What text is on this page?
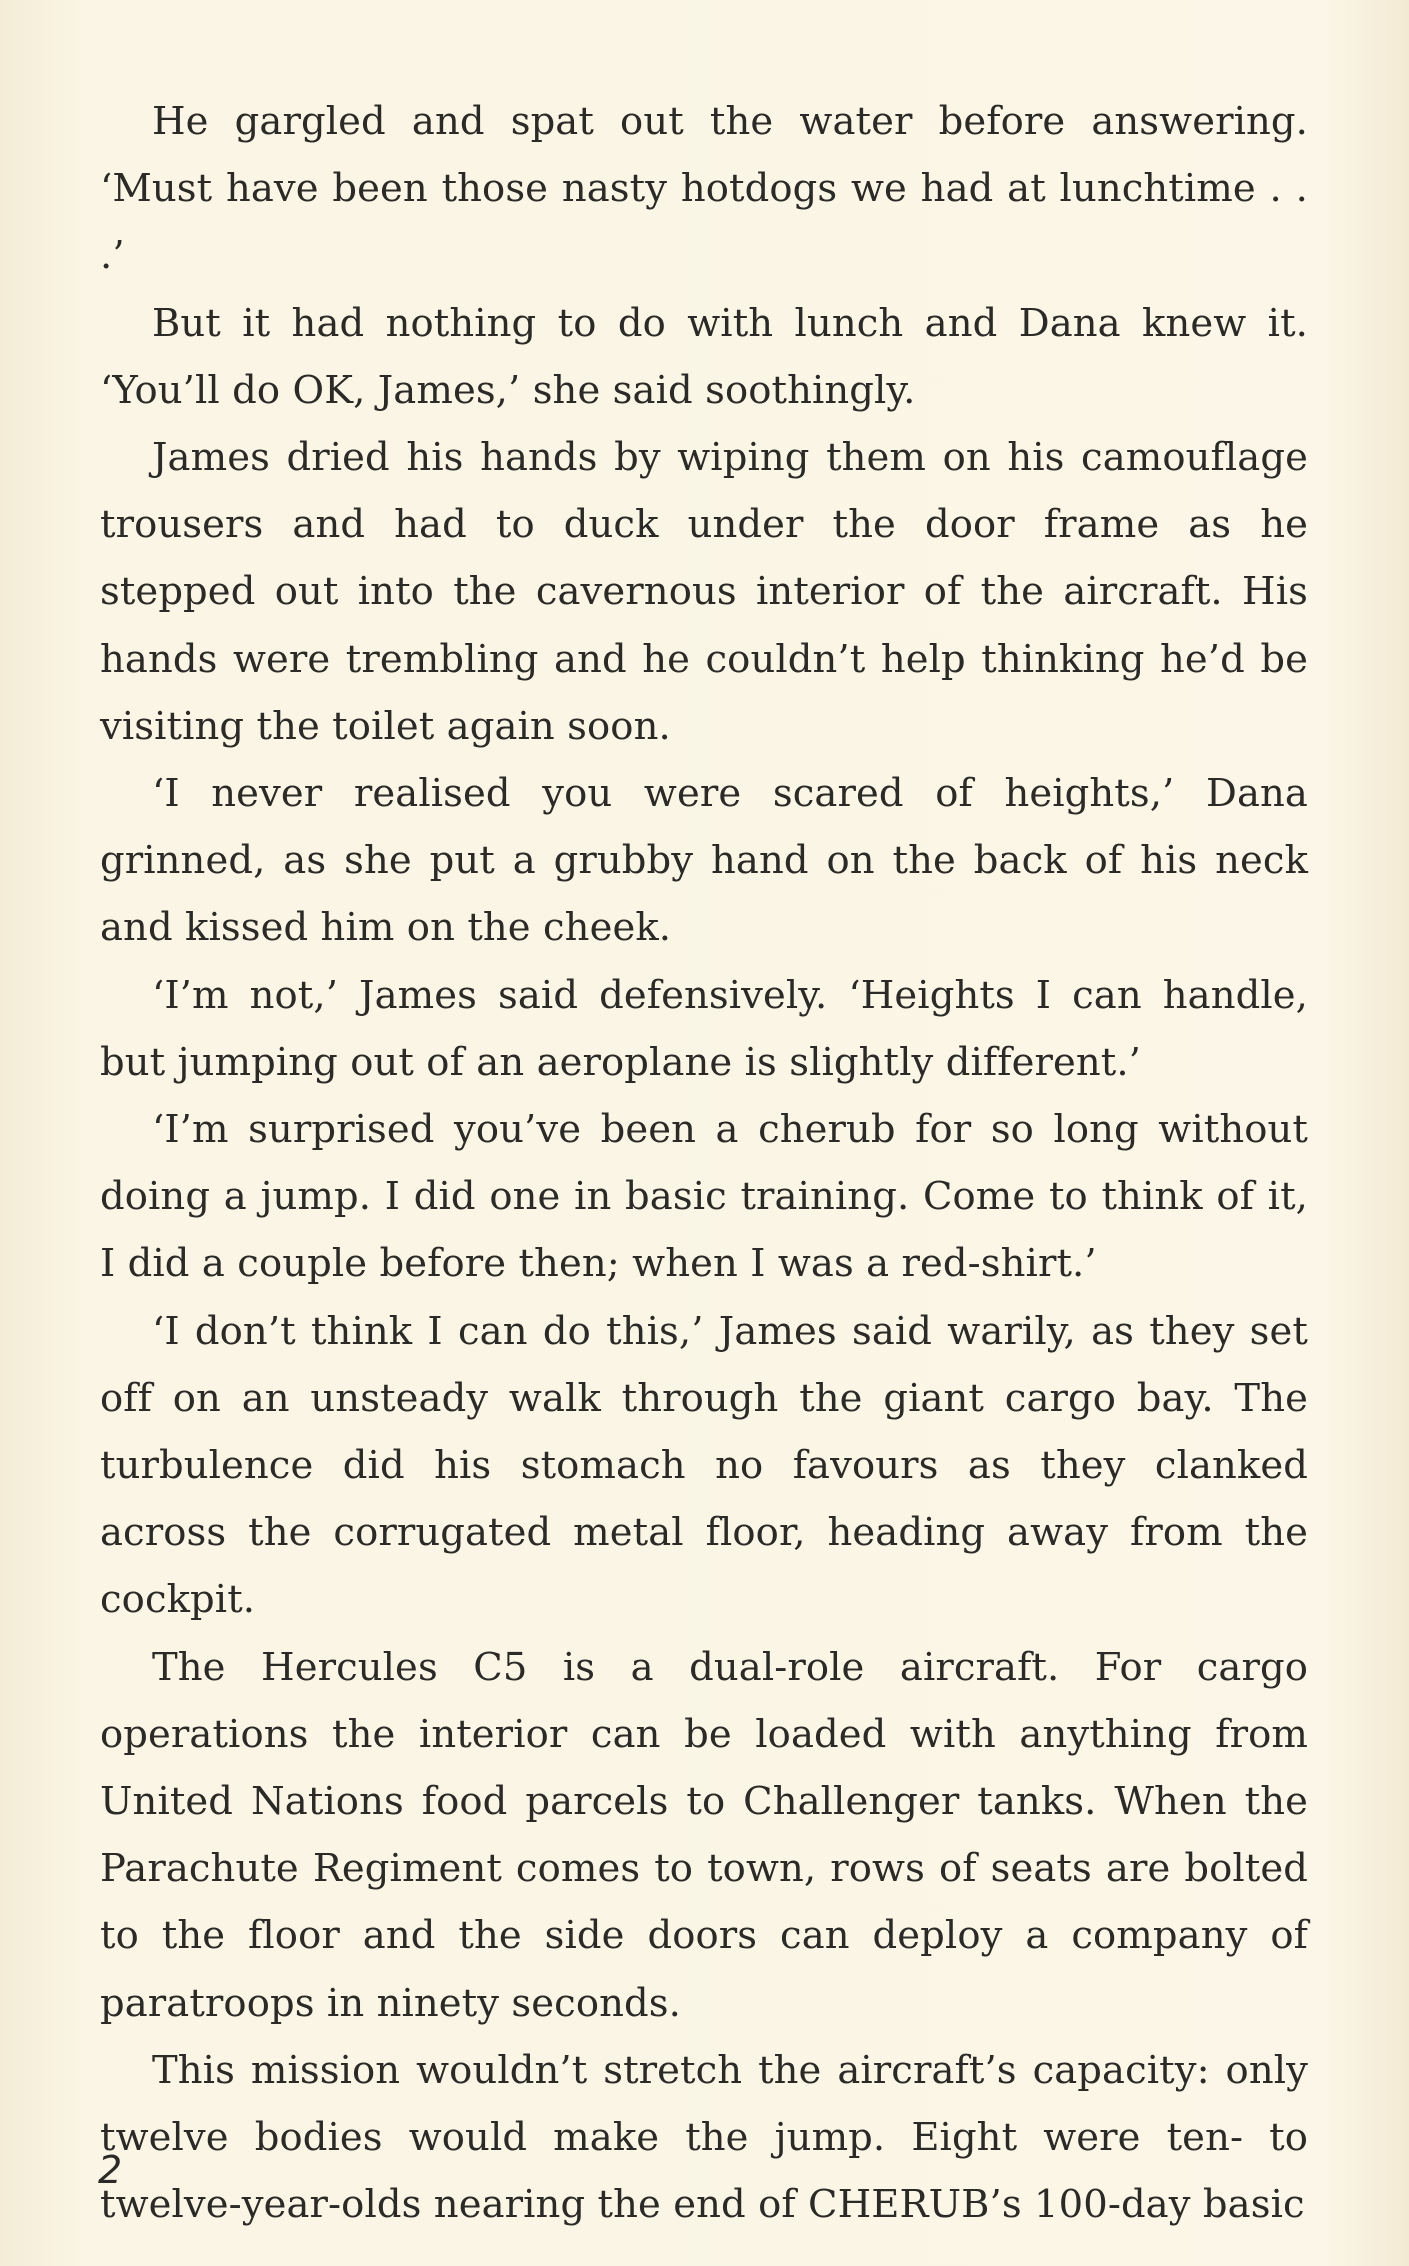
He gargled and spat out the water before answering. ‘Must have been those nasty hotdogs we had at lunchtime . . .’

But it had nothing to do with lunch and Dana knew it. ‘You’ll do OK, James,’ she said soothingly.

James dried his hands by wiping them on his camouflage trousers and had to duck under the door frame as he stepped out into the cavernous interior of the aircraft. His hands were trembling and he couldn’t help thinking he’d be visiting the toilet again soon.

‘I never realised you were scared of heights,’ Dana grinned, as she put a grubby hand on the back of his neck and kissed him on the cheek.

‘I’m not,’ James said defensively. ‘Heights I can handle, but jumping out of an aeroplane is slightly different.’

‘I’m surprised you’ve been a cherub for so long without doing a jump. I did one in basic training. Come to think of it, I did a couple before then; when I was a red-shirt.’

‘I don’t think I can do this,’ James said warily, as they set off on an unsteady walk through the giant cargo bay. The turbulence did his stomach no favours as they clanked across the corrugated metal floor, heading away from the cockpit.

The Hercules C5 is a dual-role aircraft. For cargo operations the interior can be loaded with anything from United Nations food parcels to Challenger tanks. When the Parachute Regiment comes to town, rows of seats are bolted to the floor and the side doors can deploy a company of paratroops in ninety seconds.

This mission wouldn’t stretch the aircraft’s capacity: only twelve bodies would make the jump. Eight were ten- to twelve-year-olds nearing the end of CHERUB’s 100-day basic

2
